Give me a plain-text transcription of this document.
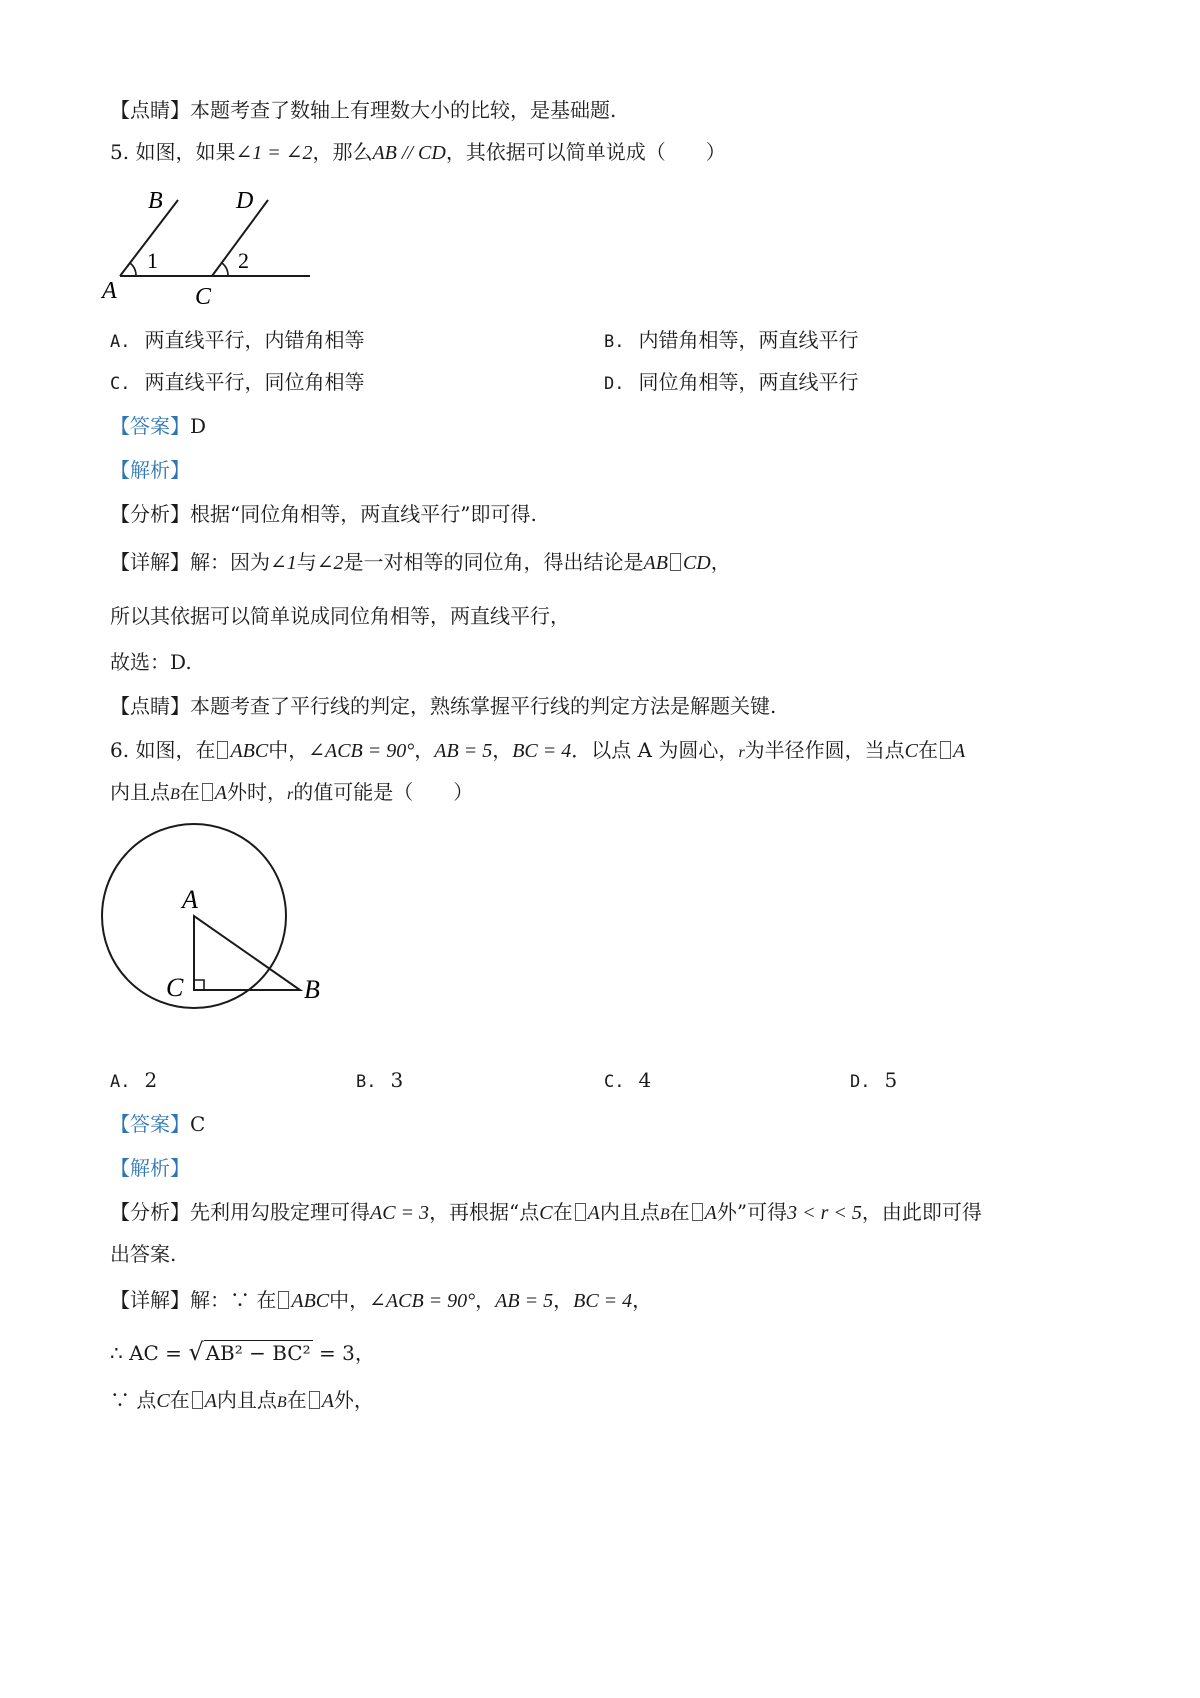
【点睛】本题考查了数轴上有理数大小的比较，是基础题.
5. 如图，如果∠1 = ∠2，那么AB // CD，其依据可以简单说成（　　）
B	D
1	2
A	C
A. 两直线平行，内错角相等	B. 内错角相等，两直线平行
C. 两直线平行，同位角相等	D. 同位角相等，两直线平行
【答案】D
【解析】
【分析】根据“同位角相等，两直线平行”即可得.
【详解】解：因为∠1与∠2是一对相等的同位角，得出结论是AB CD，
所以其依据可以简单说成同位角相等，两直线平行，
故选：D.
【点睛】本题考查了平行线的判定，熟练掌握平行线的判定方法是解题关键.
6. 如图，在 ABC中，∠ACB = 90°，AB = 5，BC = 4．以点 A 为圆心，r为半径作圆，当点C在 A
内且点B在 A外时，r的值可能是（　　）
A
C	B
A. 2	B. 3	C. 4	D. 5
【答案】C
【解析】
【分析】先利用勾股定理可得AC = 3，再根据“点C在 A内且点B在 A外”可得3 < r < 5，由此即可得
出答案.
【详解】解：∵ 在 ABC中，∠ACB = 90°，AB = 5，BC = 4，
∴ AC = √ AB² − BC² = 3，
∵ 点C在 A内且点B在 A外，
